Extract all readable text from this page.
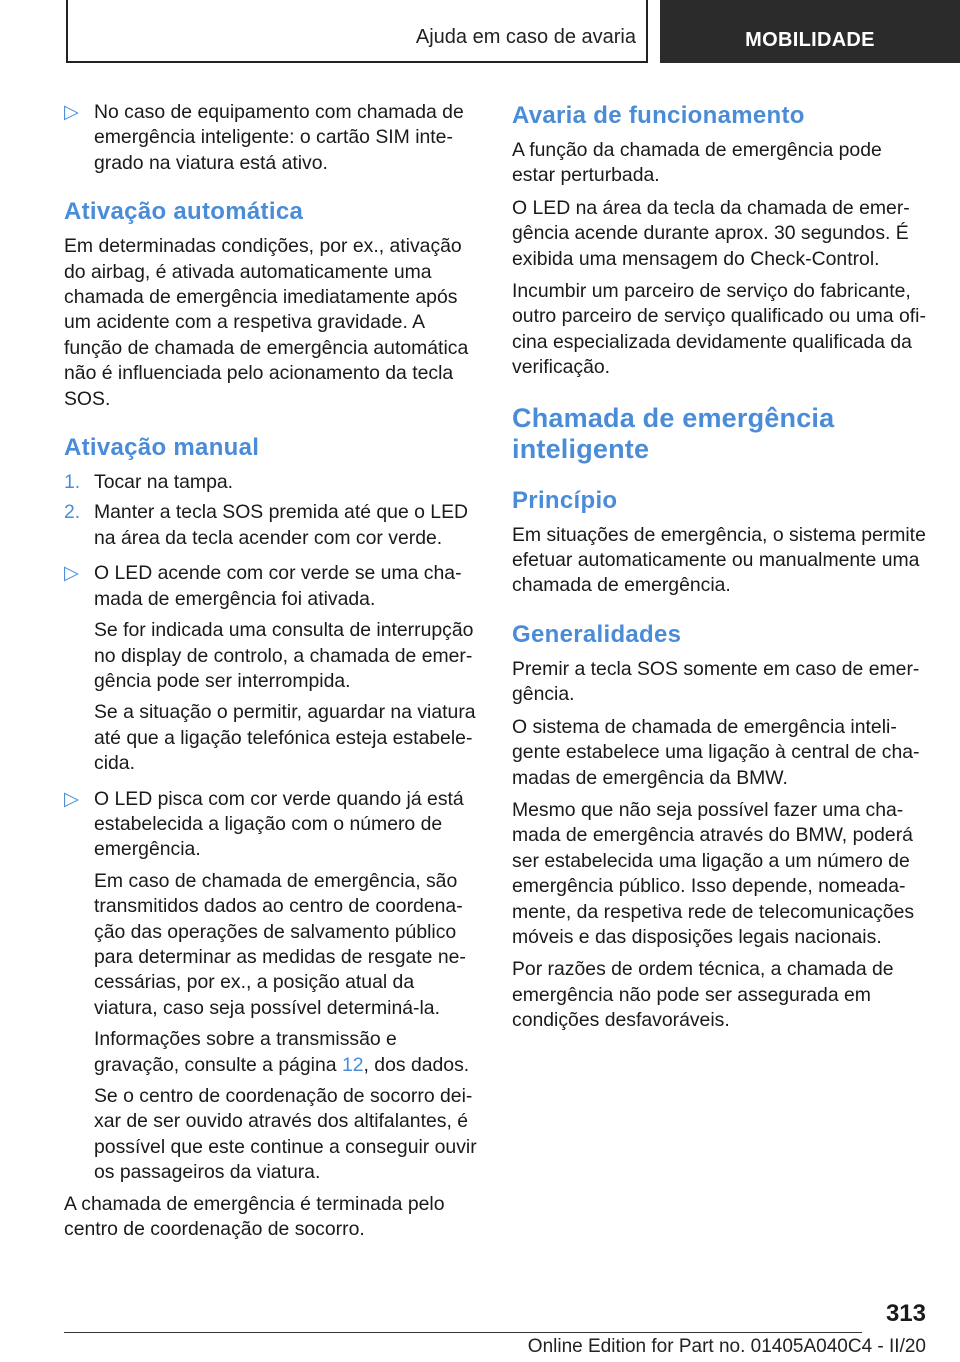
Ajuda em caso de avaria	MOBILIDADE
▷ No caso de equipamento com chamada de emergência inteligente: o cartão SIM integrado na viatura está ativo.
Ativação automática

Em determinadas condições, por ex., ativação do airbag, é ativada automaticamente uma chamada de emergência imediatamente após um acidente com a respetiva gravidade. A função de chamada de emergência automática não é influenciada pelo acionamento da tecla SOS.

Ativação manual
1. Tocar na tampa.
2. Manter a tecla SOS premida até que o LED na área da tecla acender com cor verde.
▷ O LED acende com cor verde se uma chamada de emergência foi ativada.
Se for indicada uma consulta de interrupção no display de controlo, a chamada de emergência pode ser interrompida.
Se a situação o permitir, aguardar na viatura até que a ligação telefónica esteja estabelecida.
▷ O LED pisca com cor verde quando já está estabelecida a ligação com o número de emergência.
Em caso de chamada de emergência, são transmitidos dados ao centro de coordenação das operações de salvamento público para determinar as medidas de resgate necessárias, por ex., a posição atual da viatura, caso seja possível determiná-la.
Informações sobre a transmissão e gravação, consulte a página 12, dos dados.
Se o centro de coordenação de socorro deixar de ser ouvido através dos altifalantes, é possível que este continue a conseguir ouvir os passageiros da viatura.

A chamada de emergência é terminada pelo centro de coordenação de socorro.

Avaria de funcionamento

A função da chamada de emergência pode estar perturbada.

O LED na área da tecla da chamada de emergência acende durante aprox. 30 segundos. É exibida uma mensagem do Check-Control.

Incumbir um parceiro de serviço do fabricante, outro parceiro de serviço qualificado ou uma oficina especializada devidamente qualificada da verificação.

Chamada de emergência inteligente
Princípio

Em situações de emergência, o sistema permite efetuar automaticamente ou manualmente uma chamada de emergência.

Generalidades

Premir a tecla SOS somente em caso de emergência.

O sistema de chamada de emergência inteligente estabelece uma ligação à central de chamadas de emergência da BMW.

Mesmo que não seja possível fazer uma chamada de emergência através do BMW, poderá ser estabelecida uma ligação a um número de emergência público. Isso depende, nomeadamente, da respetiva rede de telecomunicações móveis e das disposições legais nacionais.

Por razões de ordem técnica, a chamada de emergência não pode ser assegurada em condições desfavoráveis.

313
Online Edition for Part no. 01405A040C4 - II/20
